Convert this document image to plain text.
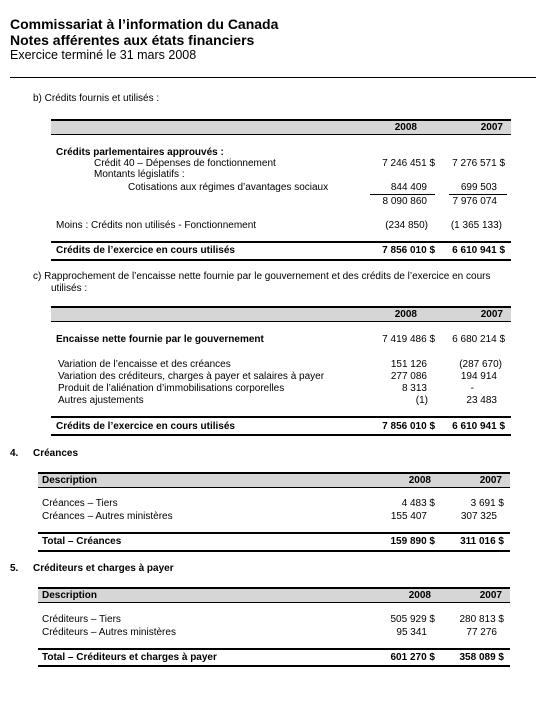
Commissariat à l’information du Canada
Notes afférentes aux états financiers
Exercice terminé le 31 mars 2008
b) Crédits fournis et utilisés :
2008	2007
Crédits parlementaires approuvés :
Crédit 40 – Dépenses de fonctionnement	7 246 451 $	7 276 571 $
Montants législatifs :
Cotisations aux régimes d’avantages sociaux	844 409	699 503
8 090 860	7 976 074
Moins : Crédits non utilisés - Fonctionnement	(234 850)	(1 365 133)
Crédits de l’exercice en cours utilisés	7 856 010 $	6 610 941 $
c) Rapprochement de l’encaisse nette fournie par le gouvernement et des crédits de l’exercice en cours
utilisés :
2008	2007
Encaisse nette fournie par le gouvernement	7 419 486 $	6 680 214 $
Variation de l’encaisse et des créances	151 126	(287 670)
Variation des créditeurs, charges à payer et salaires à payer	277 086	194 914
Produit de l’aliénation d’immobilisations corporelles	8 313	-
Autres ajustements	(1)	23 483
Crédits de l’exercice en cours utilisés	7 856 010 $	6 610 941 $
4. Créances
Description	2008	2007
Créances – Tiers	4 483 $	3 691 $
Créances – Autres ministères	155 407	307 325
Total – Créances	159 890 $	311 016 $
5. Créditeurs et charges à payer
Description	2008	2007
Créditeurs – Tiers	505 929 $	280 813 $
Créditeurs – Autres ministères	95 341	77 276
Total – Créditeurs et charges à payer	601 270 $	358 089 $
